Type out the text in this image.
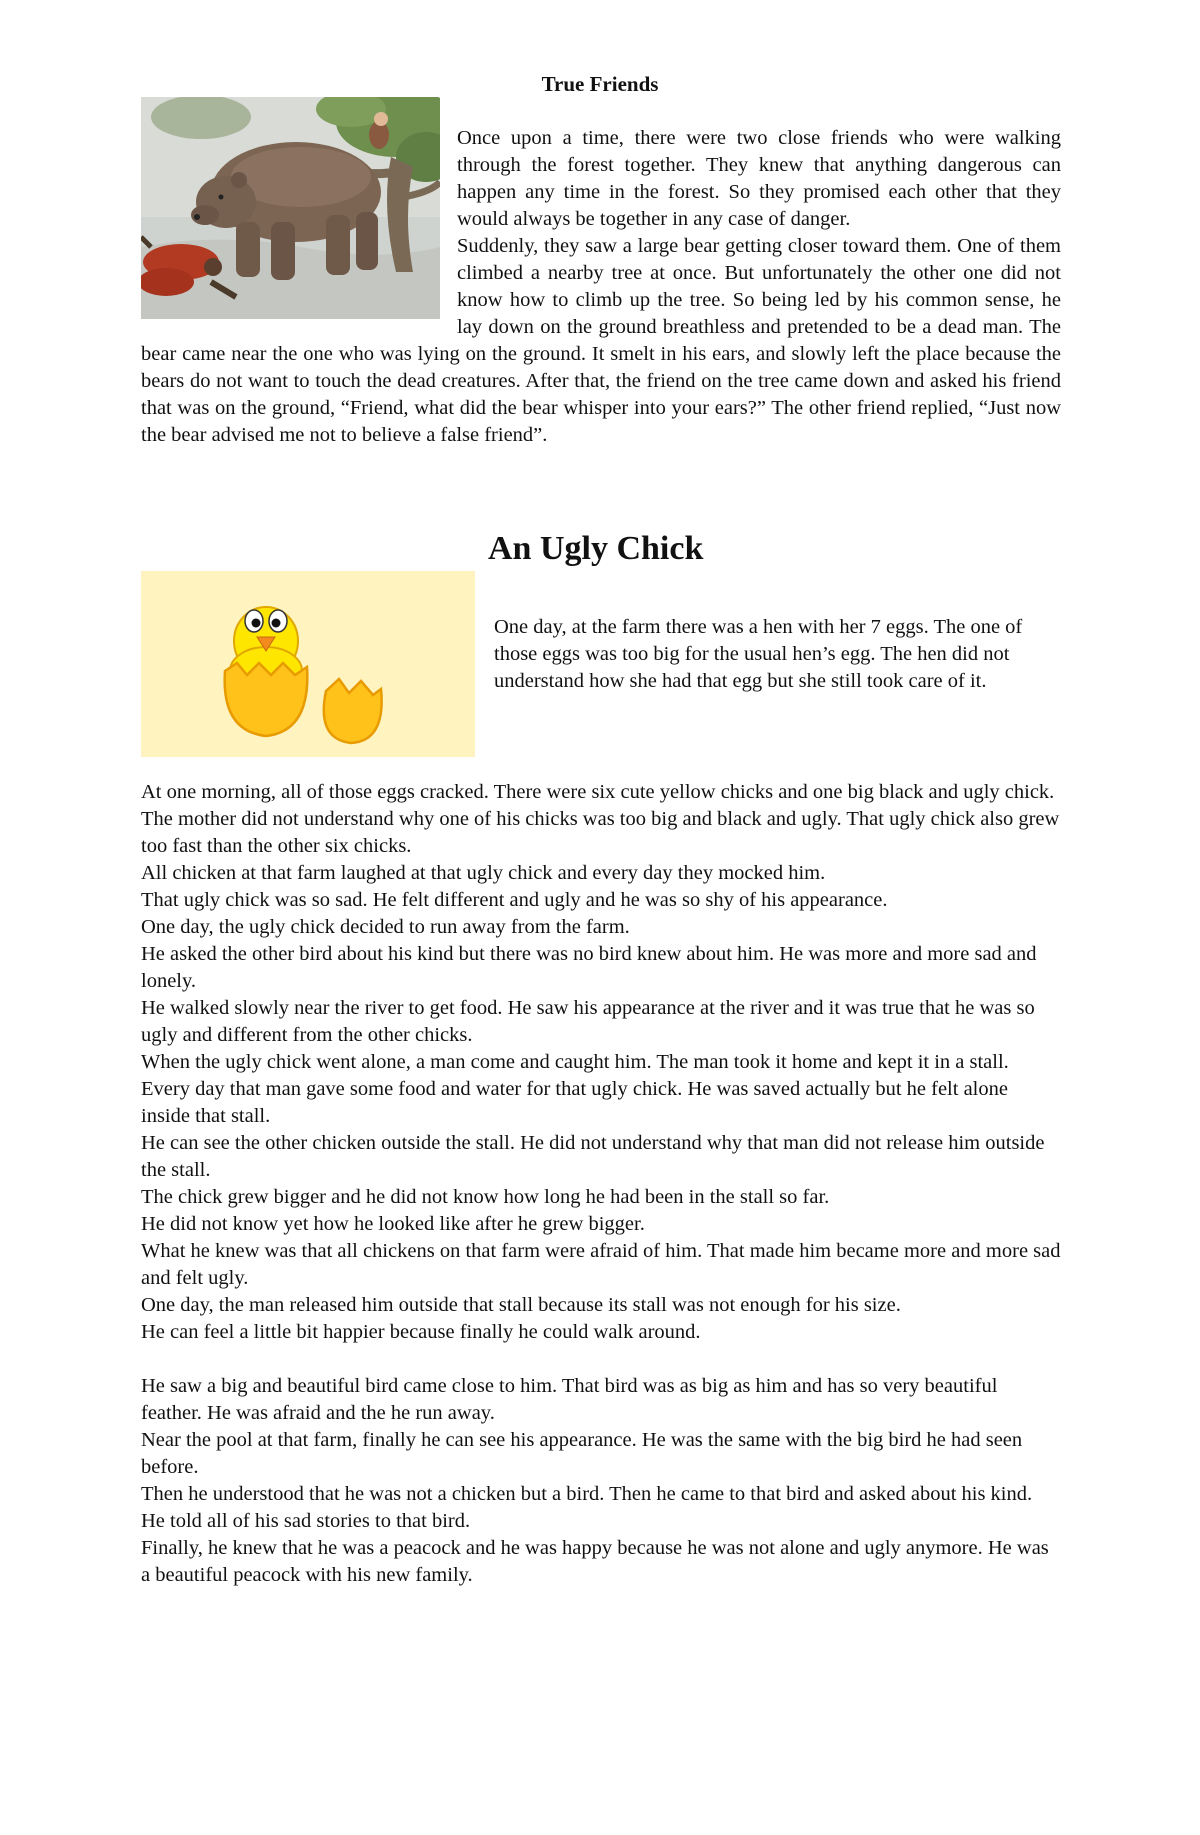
True Friends

Once upon a time, there were two close friends who were walking through the forest together. They knew that anything dangerous can happen any time in the forest. So they promised each other that they would always be together in any case of danger.

Suddenly, they saw a large bear getting closer toward them. One of them climbed a nearby tree at once. But unfortunately the other one did not know how to climb up the tree. So being led by his common sense, he lay down on the ground breathless and pretended to be a dead man. The bear came near the one who was lying on the ground. It smelt in his ears, and slowly left the place because the bears do not want to touch the dead creatures. After that, the friend on the tree came down and asked his friend that was on the ground, “Friend, what did the bear whisper into your ears?” The other friend replied, “Just now the bear advised me not to believe a false friend”.

An Ugly Chick

One day, at the farm there was a hen with her 7 eggs. The one of those eggs was too big for the usual hen’s egg. The hen did not understand how she had that egg but she still took care of it.

At one morning, all of those eggs cracked. There were six cute yellow chicks and one big black and ugly chick.

The mother did not understand why one of his chicks was too big and black and ugly. That ugly chick also grew too fast than the other six chicks.

All chicken at that farm laughed at that ugly chick and every day they mocked him.

That ugly chick was so sad. He felt different and ugly and he was so shy of his appearance.

One day, the ugly chick decided to run away from the farm.

He asked the other bird about his kind but there was no bird knew about him. He was more and more sad and lonely.

He walked slowly near the river to get food. He saw his appearance at the river and it was true that he was so ugly and different from the other chicks.

When the ugly chick went alone, a man come and caught him. The man took it home and kept it in a stall.

Every day that man gave some food and water for that ugly chick. He was saved actually but he felt alone inside that stall.

He can see the other chicken outside the stall. He did not understand why that man did not release him outside the stall.

The chick grew bigger and he did not know how long he had been in the stall so far.

He did not know yet how he looked like after he grew bigger.

What he knew was that all chickens on that farm were afraid of him. That made him became more and more sad and felt ugly.

One day, the man released him outside that stall because its stall was not enough for his size.

He can feel a little bit happier because finally he could walk around.

He saw a big and beautiful bird came close to him. That bird was as big as him and has so very beautiful feather. He was afraid and the he run away.

Near the pool at that farm, finally he can see his appearance. He was the same with the big bird he had seen before.

Then he understood that he was not a chicken but a bird. Then he came to that bird and asked about his kind. He told all of his sad stories to that bird.

Finally, he knew that he was a peacock and he was happy because he was not alone and ugly anymore. He was a beautiful peacock with his new family.
